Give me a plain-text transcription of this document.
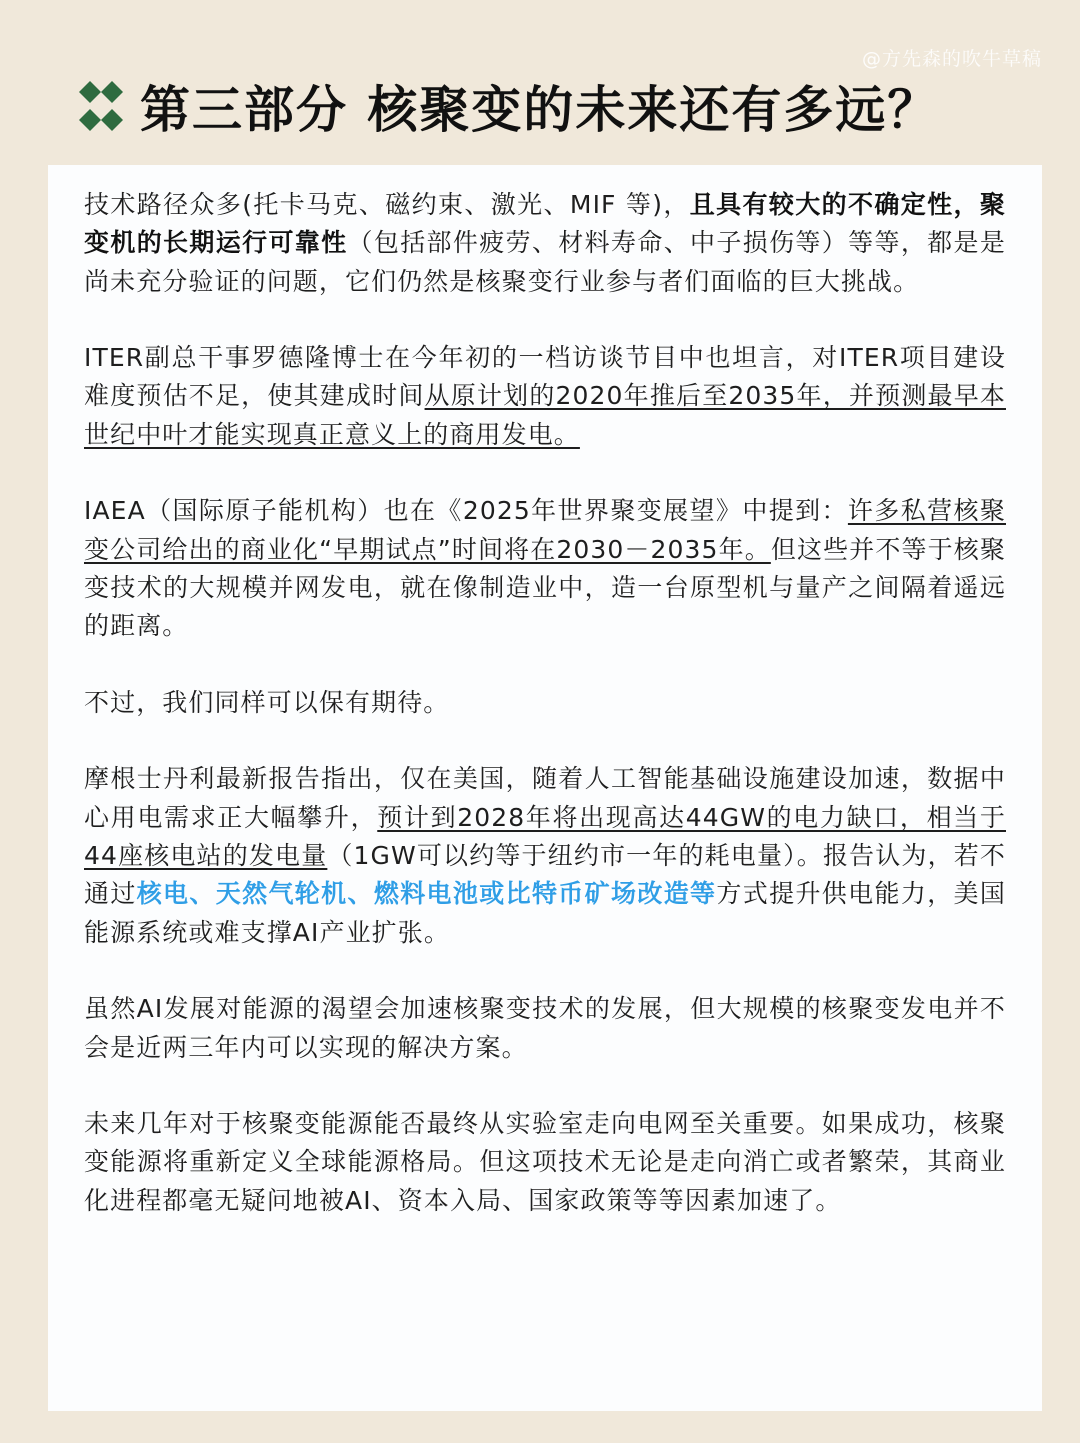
@方先森的吹牛草稿
第三部分 核聚变的未来还有多远？

技术路径众多(托卡马克、磁约束、激光、MIF 等)，且具有较大的不确定性，聚变机的长期运行可靠性（包括部件疲劳、材料寿命、中子损伤等）等等，都是是尚未充分验证的问题，它们仍然是核聚变行业参与者们面临的巨大挑战。

ITER副总干事罗德隆博士在今年初的一档访谈节目中也坦言，对ITER项目建设难度预估不足，使其建成时间从原计划的2020年推后至2035年，并预测最早本世纪中叶才能实现真正意义上的商用发电。

IAEA（国际原子能机构）也在《2025年世界聚变展望》中提到：许多私营核聚变公司给出的商业化“早期试点”时间将在2030－2035年。但这些并不等于核聚变技术的大规模并网发电，就在像制造业中，造一台原型机与量产之间隔着遥远的距离。

不过，我们同样可以保有期待。

摩根士丹利最新报告指出，仅在美国，随着人工智能基础设施建设加速，数据中心用电需求正大幅攀升，预计到2028年将出现高达44GW的电力缺口，相当于44座核电站的发电量（1GW可以约等于纽约市一年的耗电量）。报告认为，若不通过核电、天然气轮机、燃料电池或比特币矿场改造等方式提升供电能力，美国能源系统或难支撑AI产业扩张。

虽然AI发展对能源的渴望会加速核聚变技术的发展，但大规模的核聚变发电并不会是近两三年内可以实现的解决方案。

未来几年对于核聚变能源能否最终从实验室走向电网至关重要。如果成功，核聚变能源将重新定义全球能源格局。但这项技术无论是走向消亡或者繁荣，其商业化进程都毫无疑问地被AI、资本入局、国家政策等等因素加速了。
